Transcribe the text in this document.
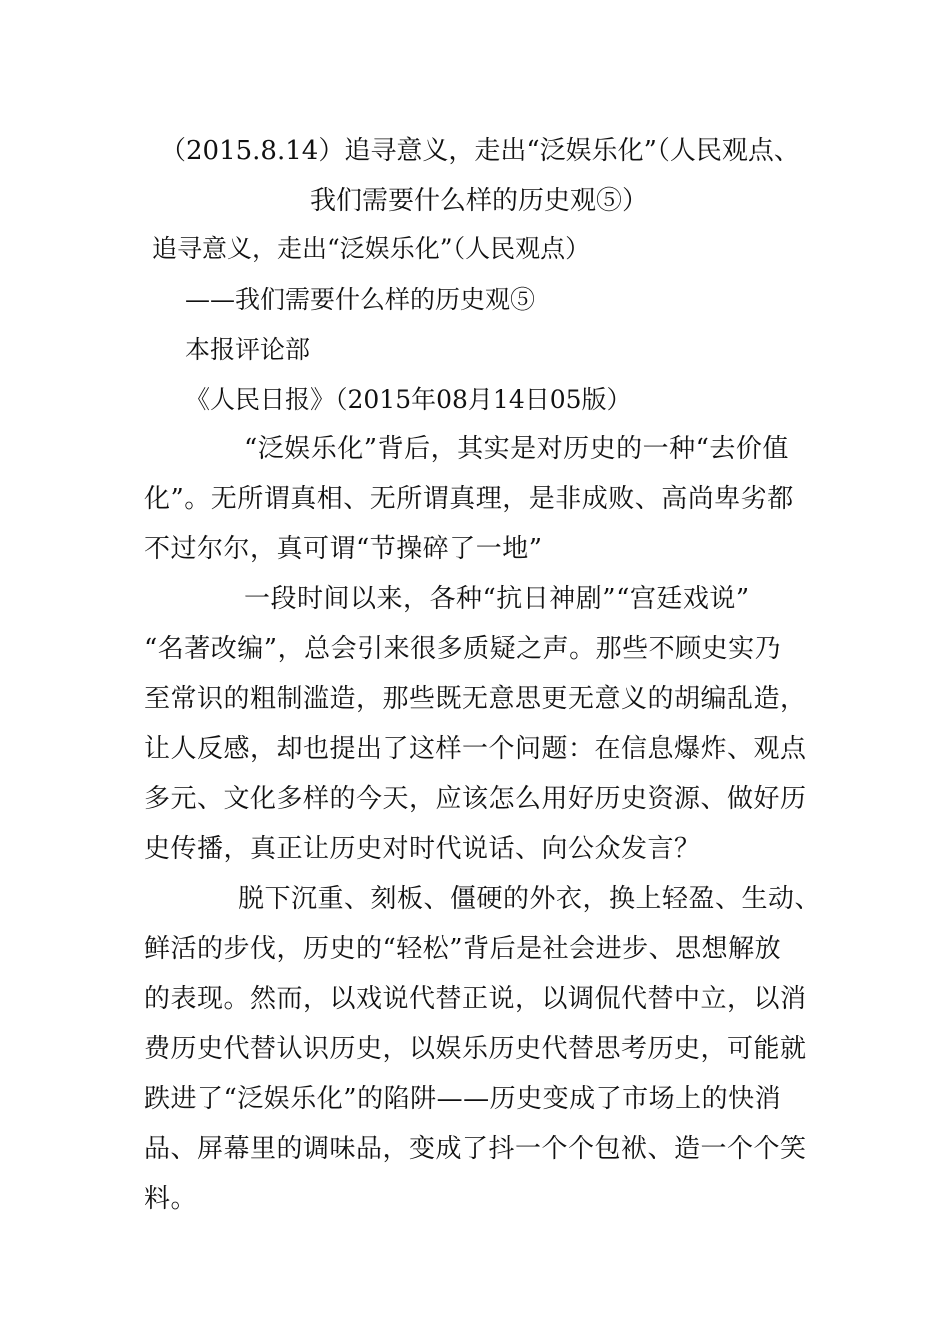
（2015.8.14）追寻意义，走出“泛娱乐化”（人民观点、
我们需要什么样的历史观⑤）
追寻意义，走出“泛娱乐化”（人民观点）
——我们需要什么样的历史观⑤
本报评论部
《人民日报》（2015年08月14日05版）
“泛娱乐化”背后，其实是对历史的一种“去价值
化”。无所谓真相、无所谓真理，是非成败、高尚卑劣都
不过尔尔，真可谓“节操碎了一地”
一段时间以来，各种“抗日神剧”“宫廷戏说”
“名著改编”，总会引来很多质疑之声。那些不顾史实乃
至常识的粗制滥造，那些既无意思更无意义的胡编乱造，
让人反感，却也提出了这样一个问题：在信息爆炸、观点
多元、文化多样的今天，应该怎么用好历史资源、做好历
史传播，真正让历史对时代说话、向公众发言？
脱下沉重、刻板、僵硬的外衣，换上轻盈、生动、
鲜活的步伐，历史的“轻松”背后是社会进步、思想解放
的表现。然而，以戏说代替正说，以调侃代替中立，以消
费历史代替认识历史，以娱乐历史代替思考历史，可能就
跌进了“泛娱乐化”的陷阱——历史变成了市场上的快消
品、屏幕里的调味品，变成了抖一个个包袱、造一个个笑
料。
